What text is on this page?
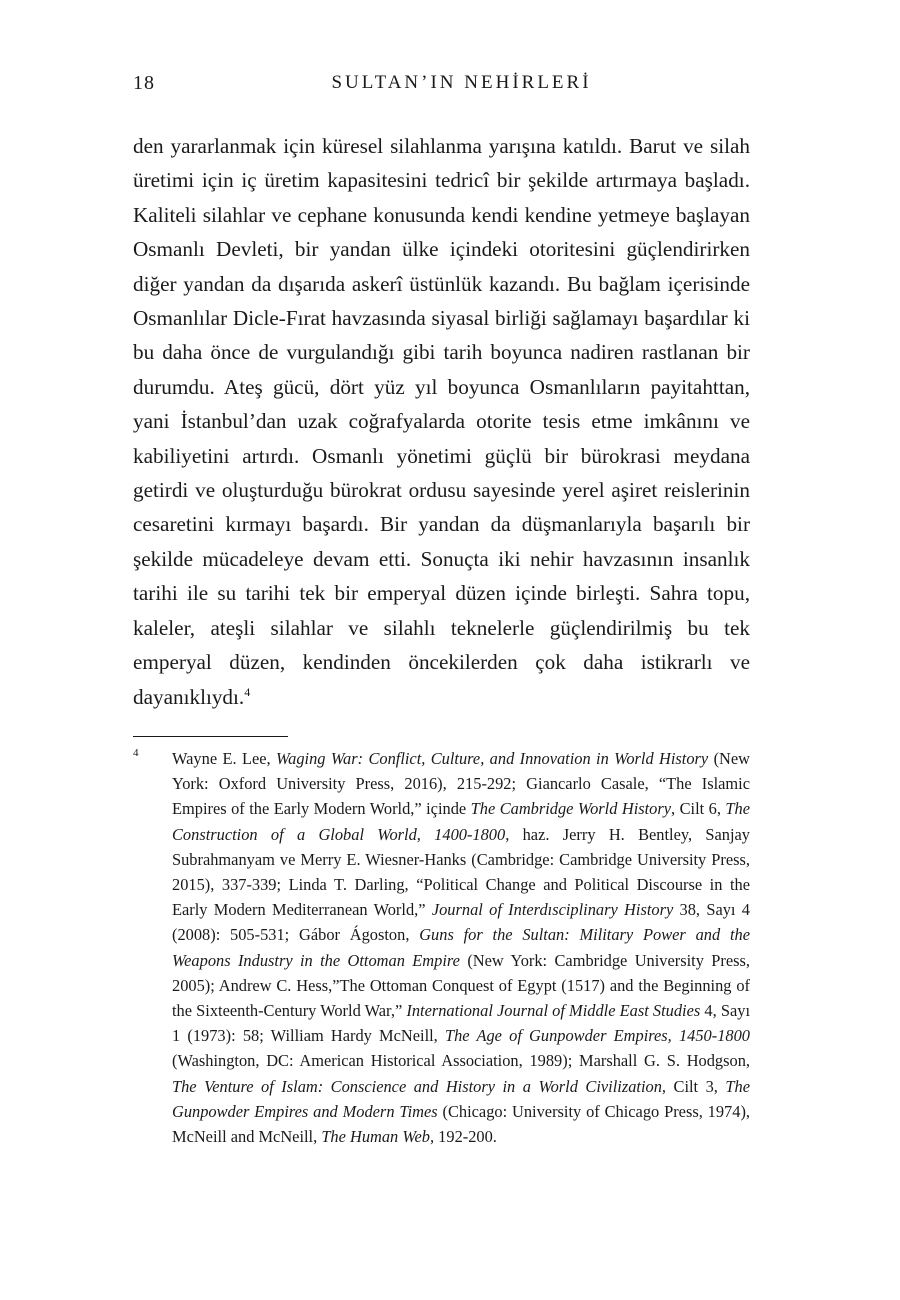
18	SULTAN’IN NEHİRLERİ

den yararlanmak için küresel silahlanma yarışına katıldı. Barut ve silah üretimi için iç üretim kapasitesini tedricî bir şekilde artırmaya başladı. Kaliteli silahlar ve cephane konusunda kendi kendine yetmeye başlayan Osmanlı Devleti, bir yandan ülke içindeki otoritesini güçlendirirken diğer yandan da dışarıda askerî üstünlük kazandı. Bu bağlam içerisinde Osmanlılar Dicle-Fırat havzasında siyasal birliği sağlamayı başardılar ki bu daha önce de vurgulandığı gibi tarih boyunca nadiren rastlanan bir durumdu. Ateş gücü, dört yüz yıl boyunca Osmanlıların payitahttan, yani İstanbul’dan uzak coğrafyalarda otorite tesis etme imkânını ve kabiliyetini artırdı. Osmanlı yönetimi güçlü bir bürokrasi meydana getirdi ve oluşturduğu bürokrat ordusu sayesinde yerel aşiret reislerinin cesaretini kırmayı başardı. Bir yandan da düşmanlarıyla başarılı bir şekilde mücadeleye devam etti. Sonuçta iki nehir havzasının insanlık tarihi ile su tarihi tek bir emperyal düzen içinde birleşti. Sahra topu, kaleler, ateşli silahlar ve silahlı teknelerle güçlendirilmiş bu tek emperyal düzen, kendinden öncekilerden çok daha istikrarlı ve dayanıklıydı.$^4$

4 Wayne E. Lee, Waging War: Conflict, Culture, and Innovation in World History (New York: Oxford University Press, 2016), 215-292; Giancarlo Casale, “The Islamic Empires of the Early Modern World,” içinde The Cambridge World History, Cilt 6, The Construction of a Global World, 1400-1800, haz. Jerry H. Bentley, Sanjay Subrahmanyam ve Merry E. Wiesner-Hanks (Cambridge: Cambridge University Press, 2015), 337-339; Linda T. Darling, “Political Change and Political Discourse in the Early Modern Mediterranean World,” Journal of Interdısciplinary History 38, Sayı 4 (2008): 505-531; Gábor Ágoston, Guns for the Sultan: Military Power and the Weapons Industry in the Ottoman Empire (New York: Cambridge University Press, 2005); Andrew C. Hess,”The Ottoman Conquest of Egypt (1517) and the Beginning of the Sixteenth-Century World War,” International Journal of Middle East Studies 4, Sayı 1 (1973): 58; William Hardy McNeill, The Age of Gunpowder Empires, 1450-1800 (Washington, DC: American Historical Association, 1989); Marshall G. S. Hodgson, The Venture of Islam: Conscience and History in a World Civilization, Cilt 3, The Gunpowder Empires and Modern Times (Chicago: University of Chicago Press, 1974), McNeill and McNeill, The Human Web, 192-200.
